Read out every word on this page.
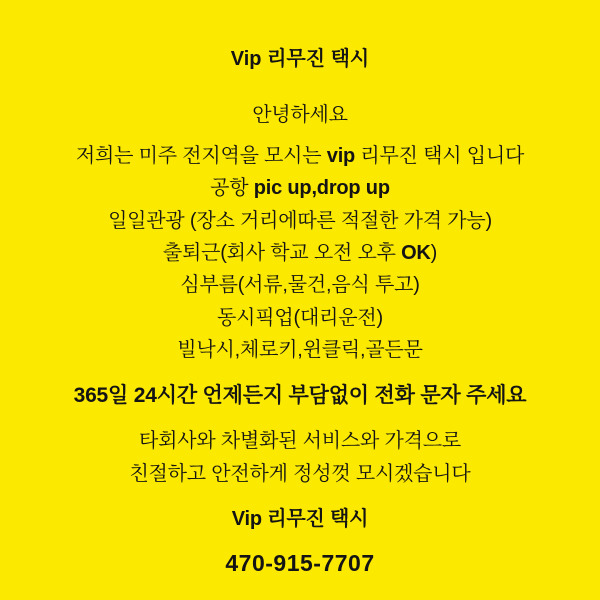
Vip 리무진 택시
안녕하세요
저희는 미주 전지역을 모시는 vip 리무진 택시 입니다
공항 pic up,drop up
일일관광 (장소 거리에따른 적절한 가격 가능)
출퇴근(회사 학교 오전 오후 OK)
심부름(서류,물건,음식 투고)
동시픽업(대리운전)
빌낙시,체로키,윈클릭,골든문
365일 24시간 언제든지 부담없이 전화 문자 주세요
타회사와 차별화된 서비스와 가격으로
친절하고 안전하게 정성껏 모시겠습니다
Vip 리무진 택시
470-915-7707
